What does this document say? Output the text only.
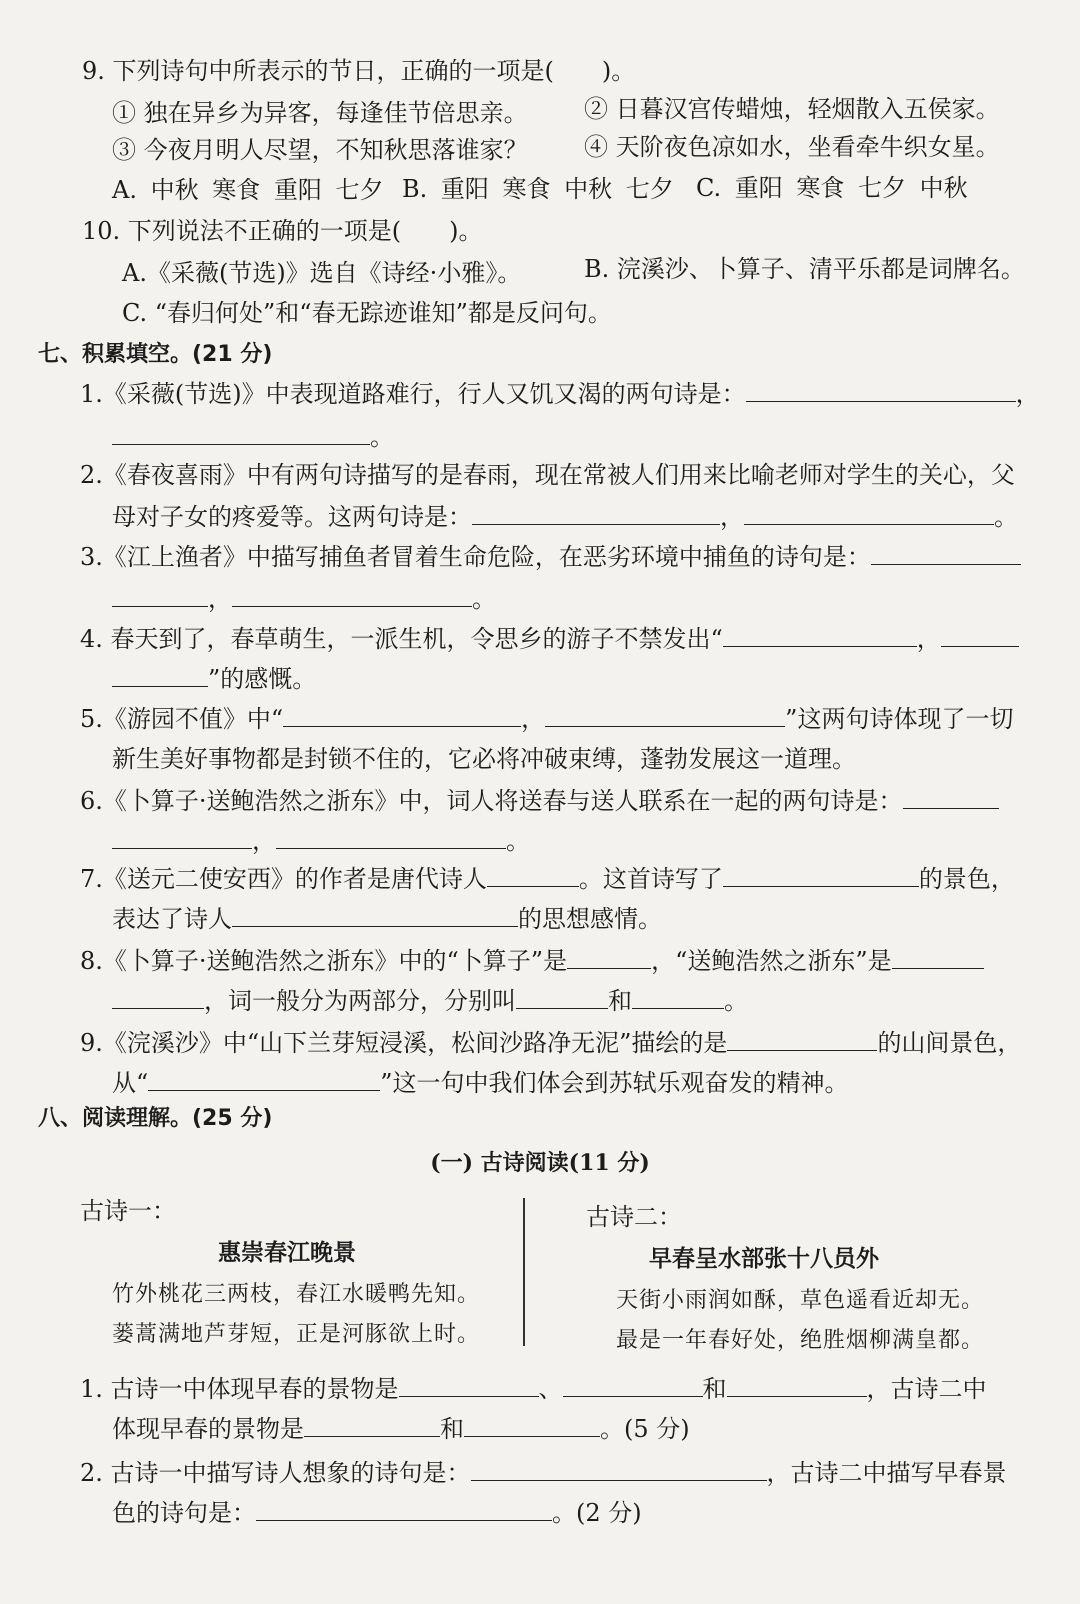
9. 下列诗句中所表示的节日，正确的一项是(　　)。
① 独在异乡为异客，每逢佳节倍思亲。 ② 日暮汉宫传蜡烛，轻烟散入五侯家。
③ 今夜月明人尽望，不知秋思落谁家？ ④ 天阶夜色凉如水，坐看牵牛织女星。
A. 中秋 寒食 重阳 七夕 B. 重阳 寒食 中秋 七夕 C. 重阳 寒食 七夕 中秋
10. 下列说法不正确的一项是(　　)。
A.《采薇(节选)》选自《诗经·小雅》。	B. 浣溪沙、卜算子、清平乐都是词牌名。
C. “春归何处”和“春无踪迹谁知”都是反问句。
七、积累填空。(21 分)
1.《采薇(节选)》中表现道路难行，行人又饥又渴的两句诗是：	，
。
2.《春夜喜雨》中有两句诗描写的是春雨，现在常被人们用来比喻老师对学生的关心，父
母对子女的疼爱等。这两句诗是：	，	。
3.《江上渔者》中描写捕鱼者冒着生命危险，在恶劣环境中捕鱼的诗句是：
，	。
4. 春天到了，春草萌生，一派生机，令思乡的游子不禁发出“	，
”的感慨。
5.《游园不值》中“	，	”这两句诗体现了一切
新生美好事物都是封锁不住的，它必将冲破束缚，蓬勃发展这一道理。
6.《卜算子·送鲍浩然之浙东》中，词人将送春与送人联系在一起的两句诗是：
，	。
7.《送元二使安西》的作者是唐代诗人	。这首诗写了	的景色，
表达了诗人	的思想感情。
8.《卜算子·送鲍浩然之浙东》中的“卜算子”是	，“送鲍浩然之浙东”是
，词一般分为两部分，分别叫	和	。
9.《浣溪沙》中“山下兰芽短浸溪，松间沙路净无泥”描绘的是	的山间景色，
从“	”这一句中我们体会到苏轼乐观奋发的精神。
八、阅读理解。(25 分)
(一) 古诗阅读(11 分)
古诗一：
惠崇春江晚景
竹外桃花三两枝，春江水暖鸭先知。
蒌蒿满地芦芽短，正是河豚欲上时。
古诗二：
早春呈水部张十八员外
天街小雨润如酥，草色遥看近却无。
最是一年春好处，绝胜烟柳满皇都。
1. 古诗一中体现早春的景物是	、	和	，古诗二中
体现早春的景物是	和	。(5 分)
2. 古诗一中描写诗人想象的诗句是：	，古诗二中描写早春景
色的诗句是：	。(2 分)
